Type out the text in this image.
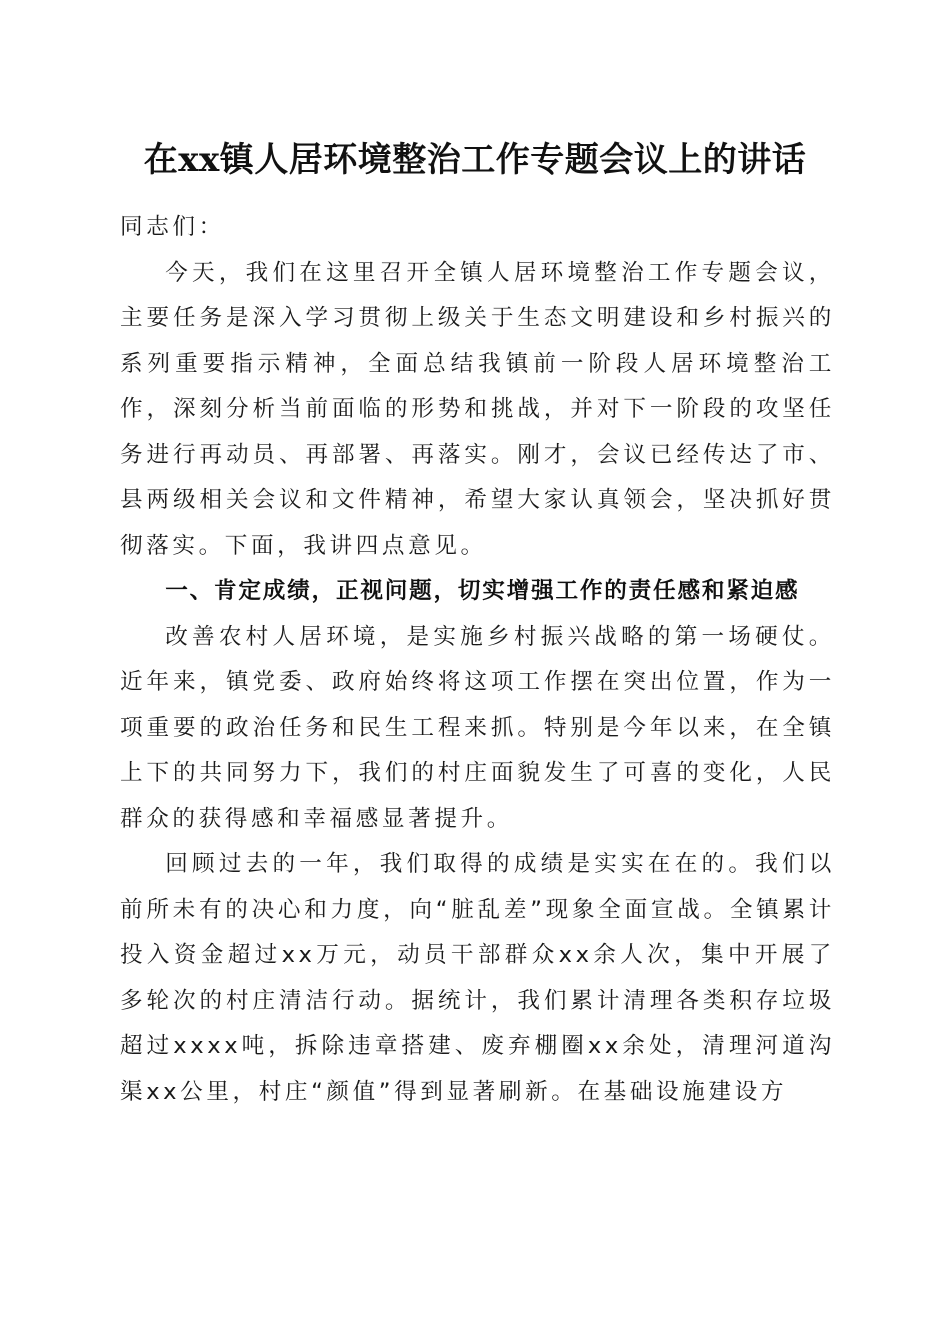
在xx镇人居环境整治工作专题会议上的讲话

同志们：

今天，我们在这里召开全镇人居环境整治工作专题会议，主要任务是深入学习贯彻上级关于生态文明建设和乡村振兴的系列重要指示精神，全面总结我镇前一阶段人居环境整治工作，深刻分析当前面临的形势和挑战，并对下一阶段的攻坚任务进行再动员、再部署、再落实。刚才，会议已经传达了市、县两级相关会议和文件精神，希望大家认真领会，坚决抓好贯彻落实。下面，我讲四点意见。

一、肯定成绩，正视问题，切实增强工作的责任感和紧迫感

改善农村人居环境，是实施乡村振兴战略的第一场硬仗。近年来，镇党委、政府始终将这项工作摆在突出位置，作为一项重要的政治任务和民生工程来抓。特别是今年以来，在全镇上下的共同努力下，我们的村庄面貌发生了可喜的变化，人民群众的获得感和幸福感显著提升。

回顾过去的一年，我们取得的成绩是实实在在的。我们以前所未有的决心和力度，向“脏乱差”现象全面宣战。全镇累计投入资金超过xx万元，动员干部群众xx余人次，集中开展了多轮次的村庄清洁行动。据统计，我们累计清理各类积存垃圾超过xxxx吨，拆除违章搭建、废弃棚圈xx余处，清理河道沟渠xx公里，村庄“颜值”得到显著刷新。在基础设施建设方
